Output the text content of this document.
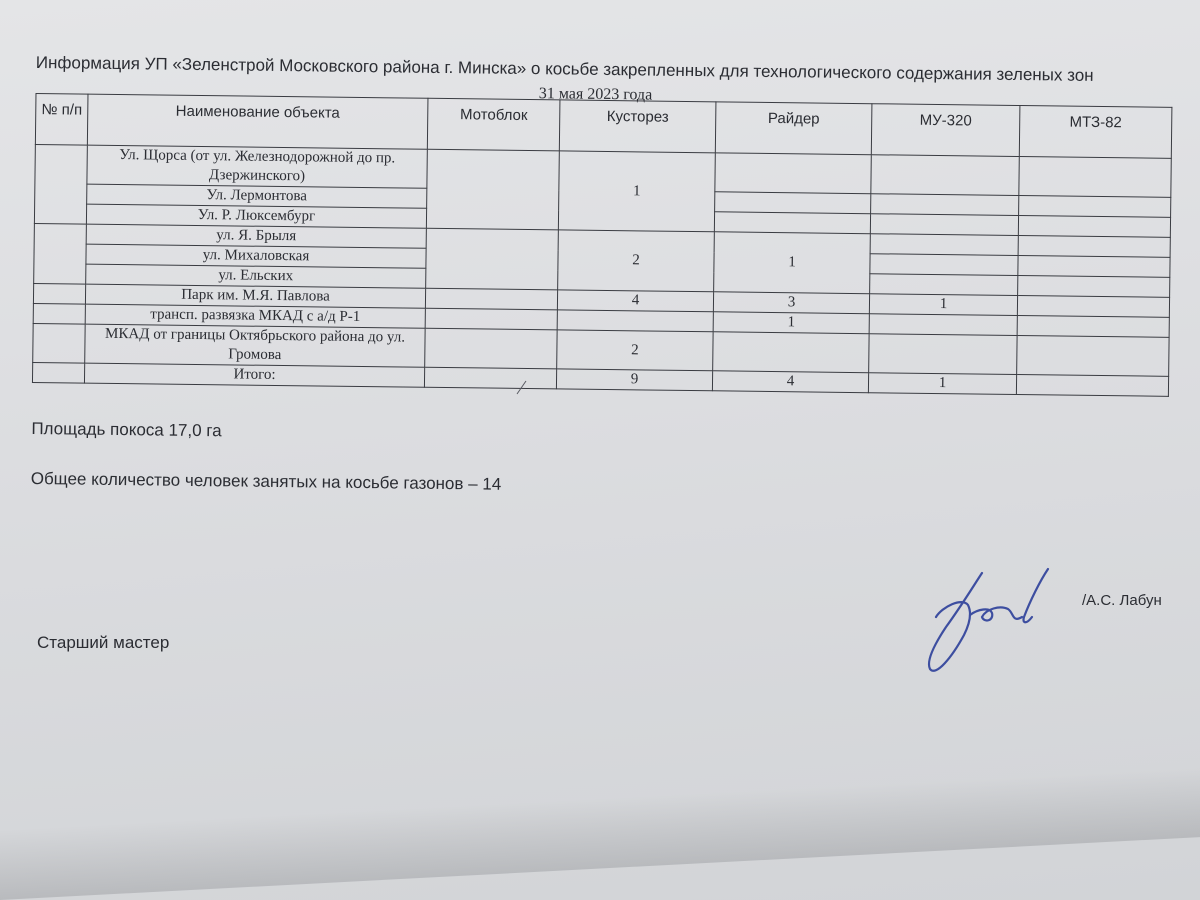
Информация УП «Зеленстрой Московского района г. Минска» о косьбе закрепленных для технологического содержания зеленых зон
31 мая 2023 года
№ п/п	Наименование объекта	Мотоблок	Кусторез	Райдер	МУ-320	МТЗ-82
	Ул. Щорса (от ул. Железнодорожной до пр. Дзержинского)		1			
	Ул. Лермонтова					
	Ул. Р. Люксембург					
	ул. Я. Брыля		2	1		
	ул. Михаловская					
	ул. Ельских					
	Парк им. М.Я. Павлова		4	3	1	
	трансп. развязка МКАД с а/д Р-1			1		
	МКАД от границы Октябрьского района до ул. Громова		2			
	Итого:		9	4	1	

Площадь покоса 17,0 га

Общее количество человек занятых на косьбе газонов – 14

Старший мастер
/А.С. Лабун
